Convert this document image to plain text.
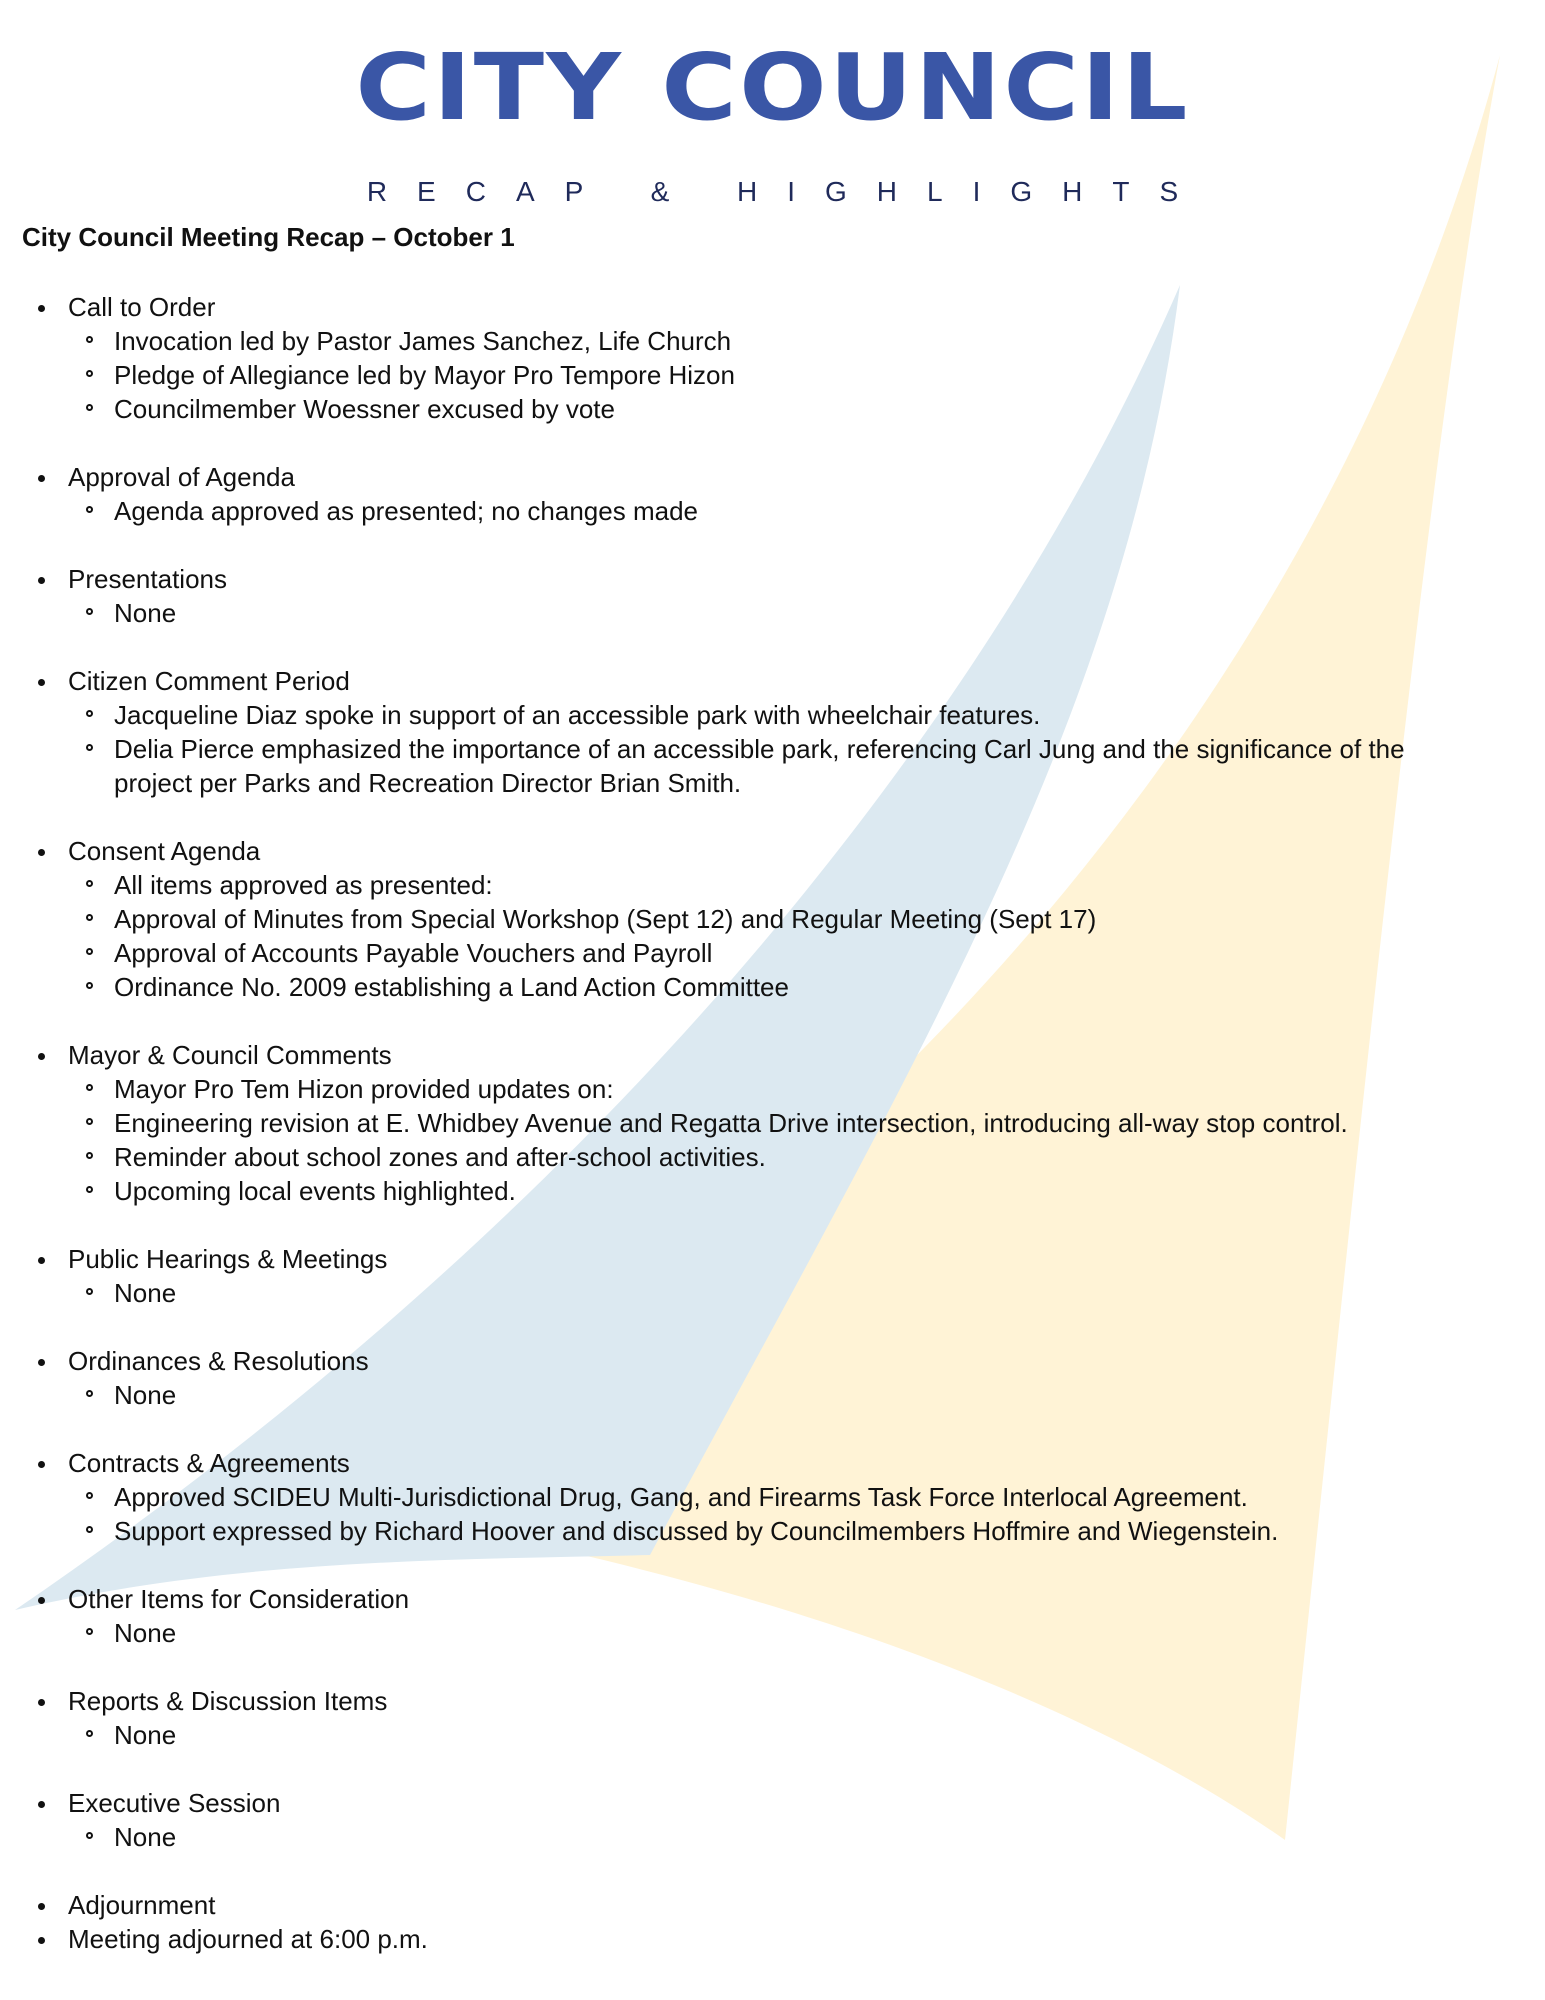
CITY COUNCIL
RECAP & HIGHLIGHTS
City Council Meeting Recap – October 1
Call to Order
Invocation led by Pastor James Sanchez, Life Church
Pledge of Allegiance led by Mayor Pro Tempore Hizon
Councilmember Woessner excused by vote
Approval of Agenda
Agenda approved as presented; no changes made
Presentations
None
Citizen Comment Period
Jacqueline Diaz spoke in support of an accessible park with wheelchair features.
Delia Pierce emphasized the importance of an accessible park, referencing Carl Jung and the significance of the project per Parks and Recreation Director Brian Smith.
Consent Agenda
All items approved as presented:
Approval of Minutes from Special Workshop (Sept 12) and Regular Meeting (Sept 17)
Approval of Accounts Payable Vouchers and Payroll
Ordinance No. 2009 establishing a Land Action Committee
Mayor & Council Comments
Mayor Pro Tem Hizon provided updates on:
Engineering revision at E. Whidbey Avenue and Regatta Drive intersection, introducing all-way stop control.
Reminder about school zones and after-school activities.
Upcoming local events highlighted.
Public Hearings & Meetings
None
Ordinances & Resolutions
None
Contracts & Agreements
Approved SCIDEU Multi-Jurisdictional Drug, Gang, and Firearms Task Force Interlocal Agreement.
Support expressed by Richard Hoover and discussed by Councilmembers Hoffmire and Wiegenstein.
Other Items for Consideration
None
Reports & Discussion Items
None
Executive Session
None
Adjournment
Meeting adjourned at 6:00 p.m.
